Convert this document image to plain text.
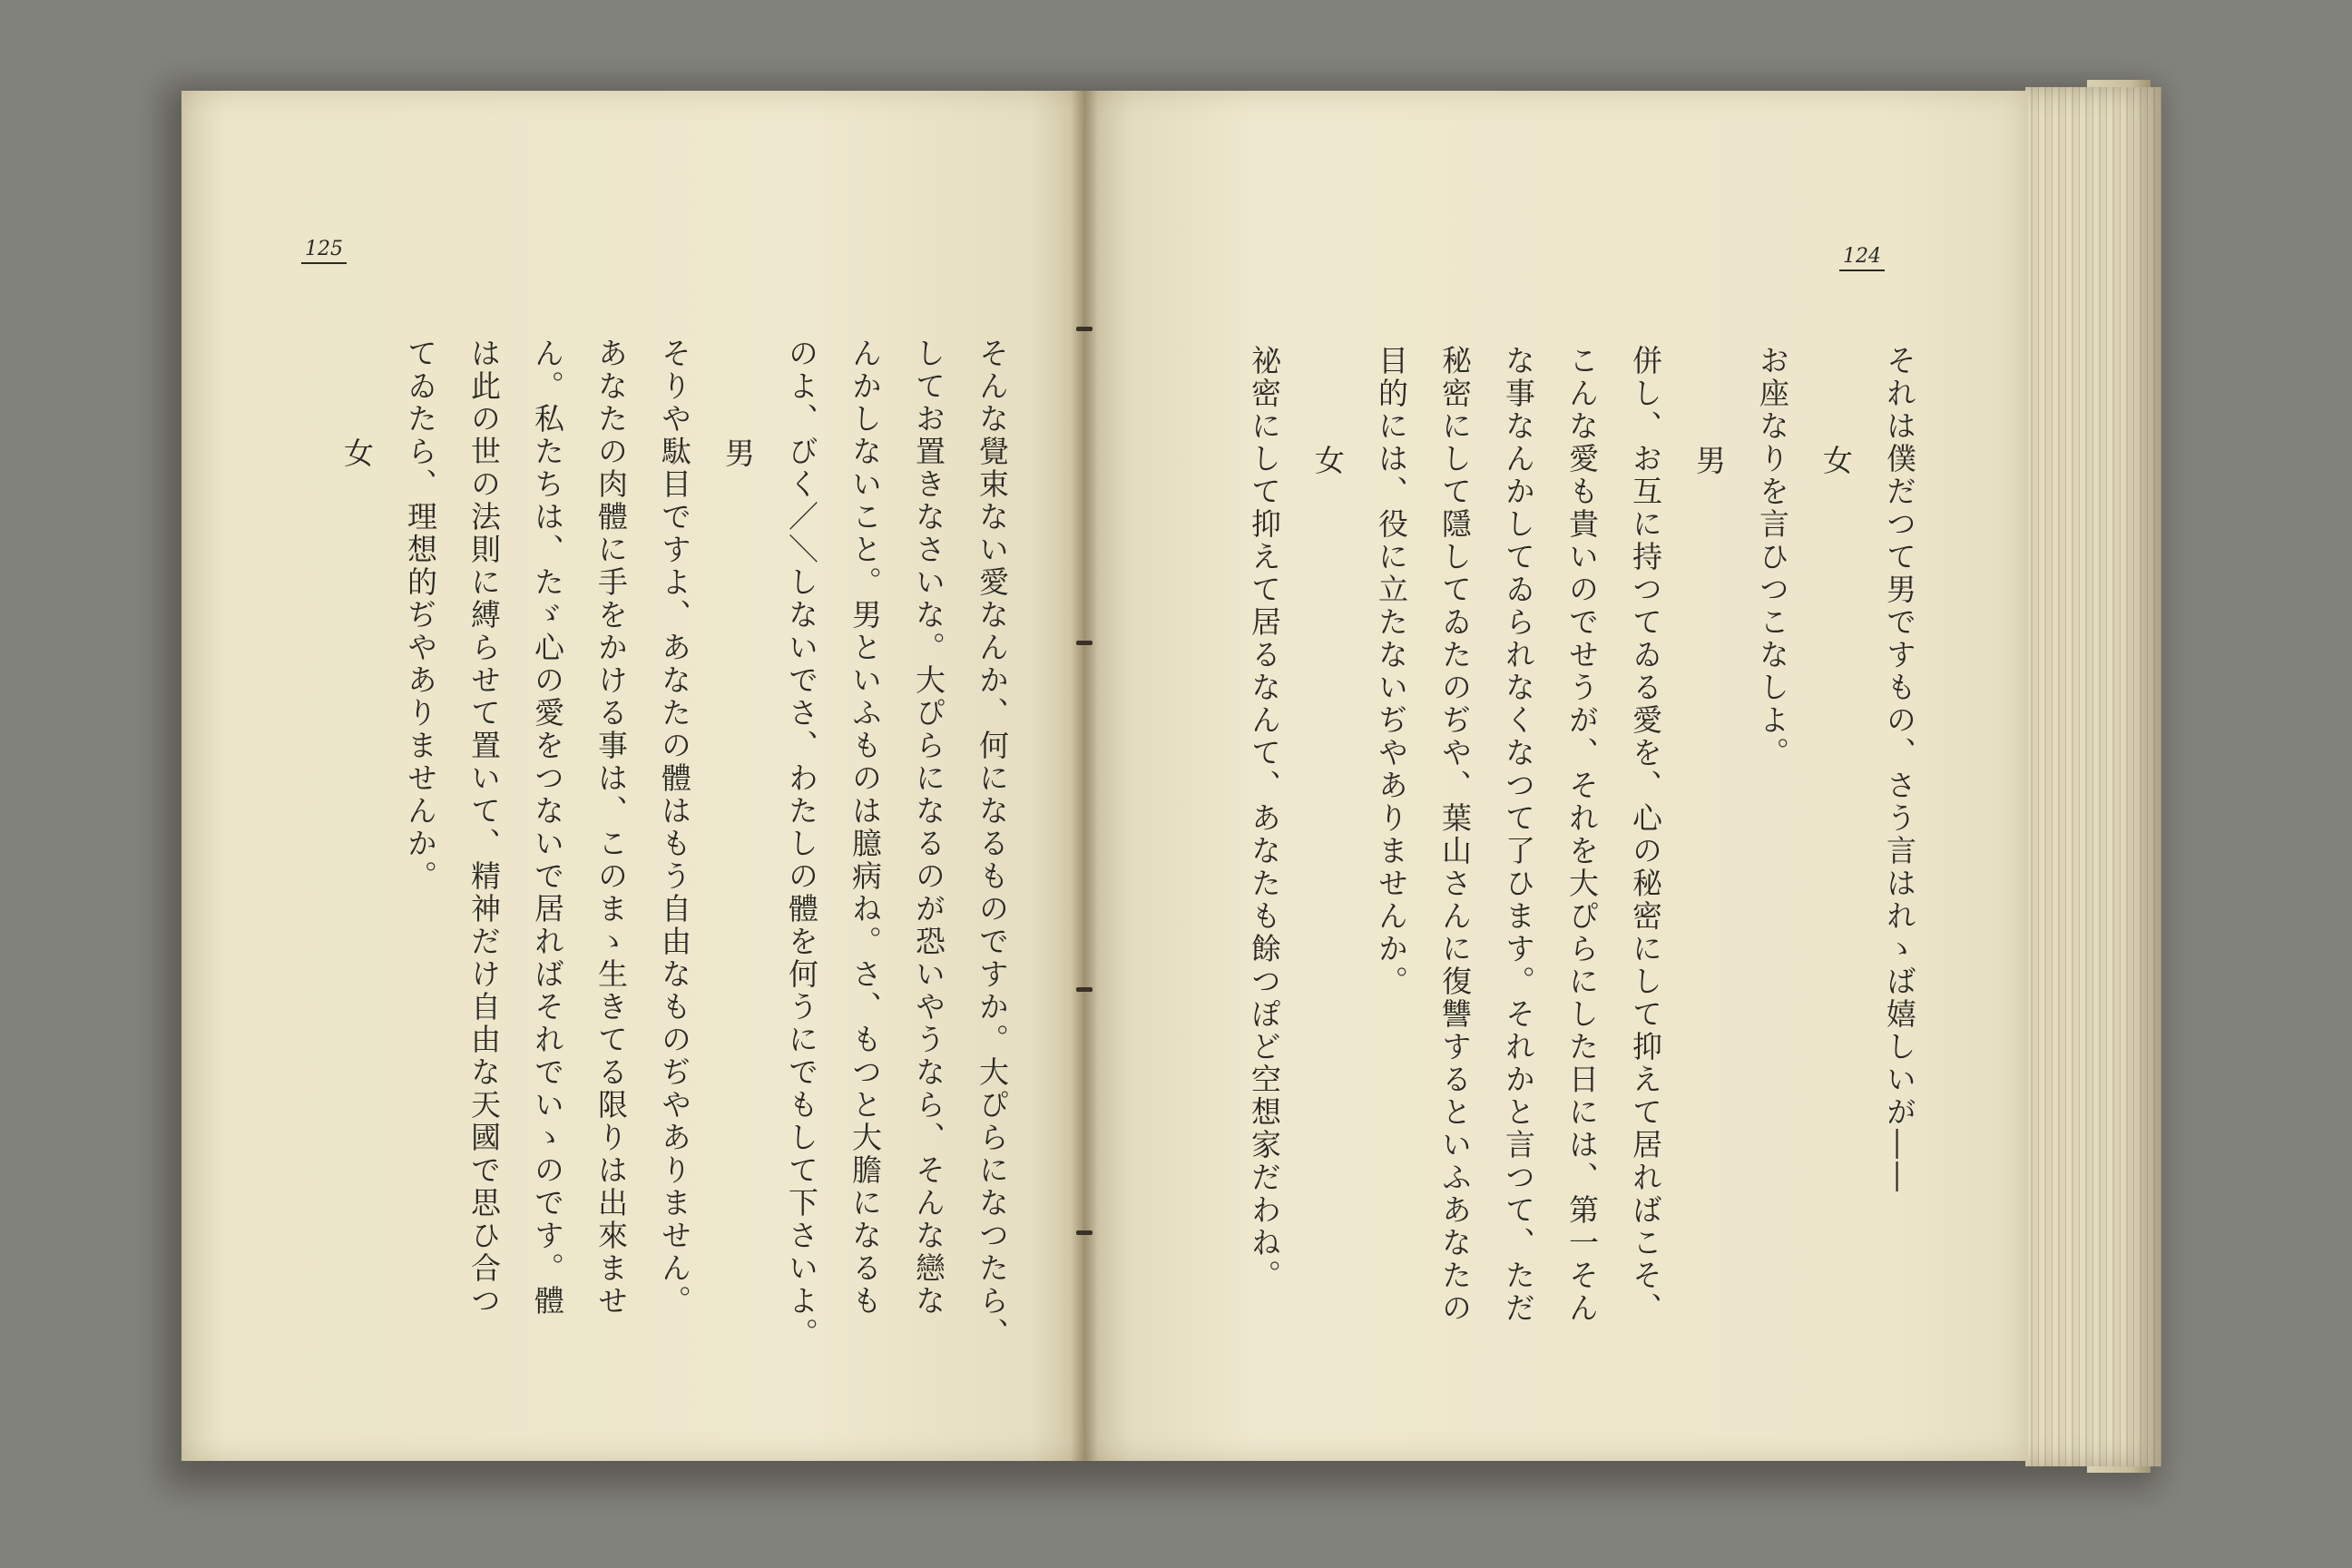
125
そんな覺束ない愛なんか、何になるものですか。大ぴらになつたら、
してお置きなさいな。大ぴらになるのが恐いやうなら、そんな戀な
んかしないこと。男といふものは臆病ね。さ、もつと大膽になるも
のよ、びく／＼しないでさ、わたしの體を何うにでもして下さいよ。
男
そりや駄目ですよ、あなたの體はもう自由なものぢやありません。
あなたの肉體に手をかける事は、このまゝ生きてる限りは出來ませ
ん。私たちは、たゞ心の愛をつないで居ればそれでいゝのです。體
は此の世の法則に縛らせて置いて、精神だけ自由な天國で思ひ合つ
てゐたら、理想的ぢやありませんか。
女
124
それは僕だつて男ですもの、さう言はれゝば嬉しいが――
女
お座なりを言ひつこなしよ。
男
併し、お互に持つてゐる愛を、心の秘密にして抑えて居ればこそ、
こんな愛も貴いのでせうが、それを大ぴらにした日には、第一そん
な事なんかしてゐられなくなつて了ひます。それかと言つて、ただ
秘密にして隱してゐたのぢや、葉山さんに復讐するといふあなたの
目的には、役に立たないぢやありませんか。
女
祕密にして抑えて居るなんて、あなたも餘つぽど空想家だわね。
